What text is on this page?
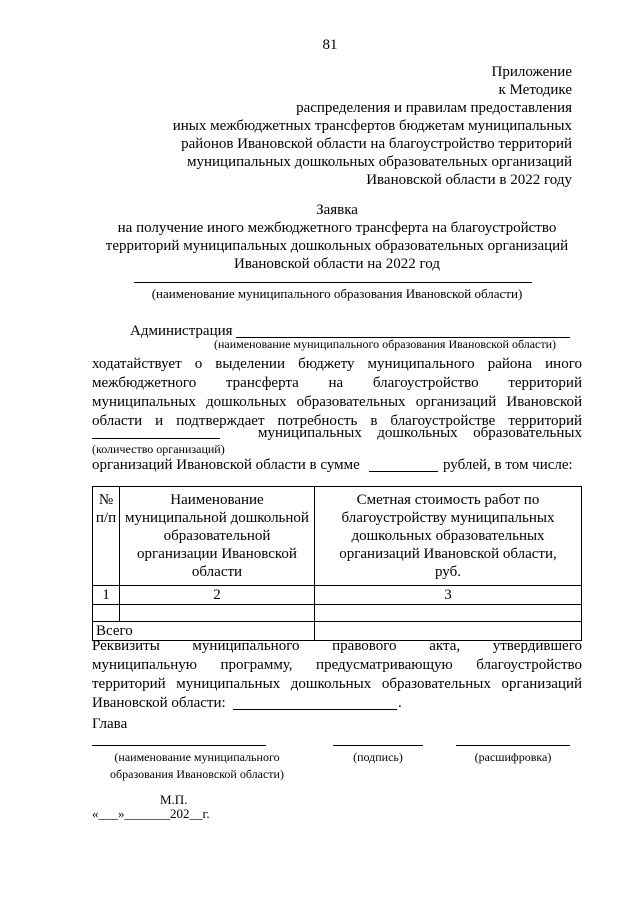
81
Приложение
к Методике
распределения и правилам предоставления
иных межбюджетных трансфертов бюджетам муниципальных
районов Ивановской области на благоустройство территорий
муниципальных дошкольных образовательных организаций
Ивановской области в 2022 году
Заявка
на получение иного межбюджетного трансферта на благоустройство
территорий муниципальных дошкольных образовательных организаций
Ивановской области на 2022 год
(наименование муниципального образования Ивановской области)
Администрация
(наименование муниципального образования Ивановской области)
ходатайствует о выделении бюджету муниципального района иного
межбюджетного трансферта на благоустройство территорий
муниципальных дошкольных образовательных организаций Ивановской
области и подтверждает потребность в благоустройстве территорий
муниципальных дошкольных образовательных
(количество организаций)
организаций Ивановской области в сумме	рублей, в том числе:
№ п/п	Наименование муниципальной дошкольной образовательной организации Ивановской области	Сметная стоимость работ по благоустройству муниципальных дошкольных образовательных организаций Ивановской области, руб.
1	2	3

Всего		
Реквизиты муниципального правового акта, утвердившего
муниципальную программу, предусматривающую благоустройство
территорий муниципальных дошкольных образовательных организаций
Ивановской области:	.
Глава
(наименование муниципального
образования Ивановской области)
(подпись)	(расшифровка)
М.П.
«___»_______202__г.
